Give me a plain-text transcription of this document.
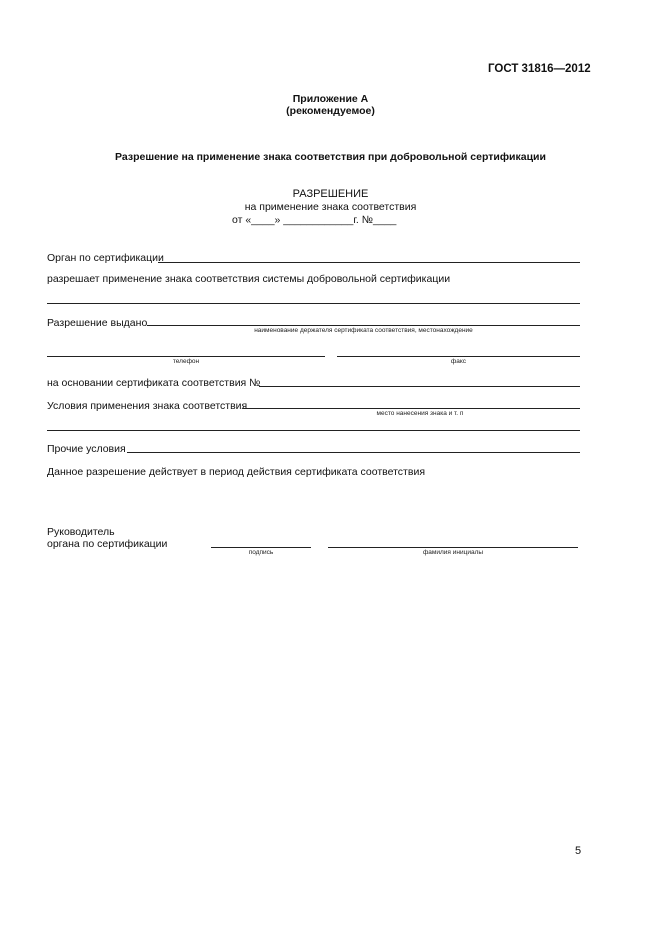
ГОСТ 31816—2012
Приложение А
(рекомендуемое)
Разрешение на применение знака соответствия при добровольной сертификации
РАЗРЕШЕНИЕ
на применение знака соответствия
от «____» ____________г. №____
Орган по сертификации
разрешает применение знака соответствия системы добровольной сертификации
Разрешение выдано
наименование держателя сертификата соответствия, местонахождение
телефон	факс
на основании сертификата соответствия №
Условия применения знака соответствия
место нанесения знака и т. п
Прочие условия
Данное разрешение действует в период действия сертификата соответствия
Руководитель
органа по сертификации
подпись	фамилия инициалы
5
